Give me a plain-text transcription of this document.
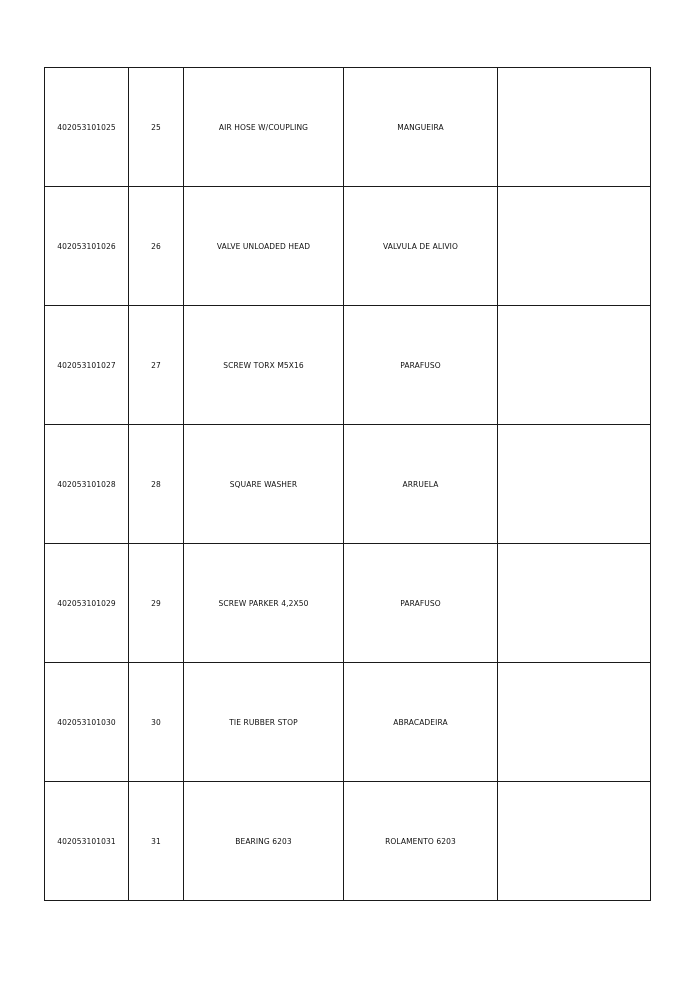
402053101025	25	AIR HOSE W/COUPLING	MANGUEIRA	
402053101026	26	VALVE UNLOADED HEAD	VALVULA DE ALIVIO	
402053101027	27	SCREW TORX M5X16	PARAFUSO	
402053101028	28	SQUARE WASHER	ARRUELA	
402053101029	29	SCREW PARKER 4,2X50	PARAFUSO	
402053101030	30	TIE RUBBER STOP	ABRACADEIRA	
402053101031	31	BEARING 6203	ROLAMENTO 6203	
